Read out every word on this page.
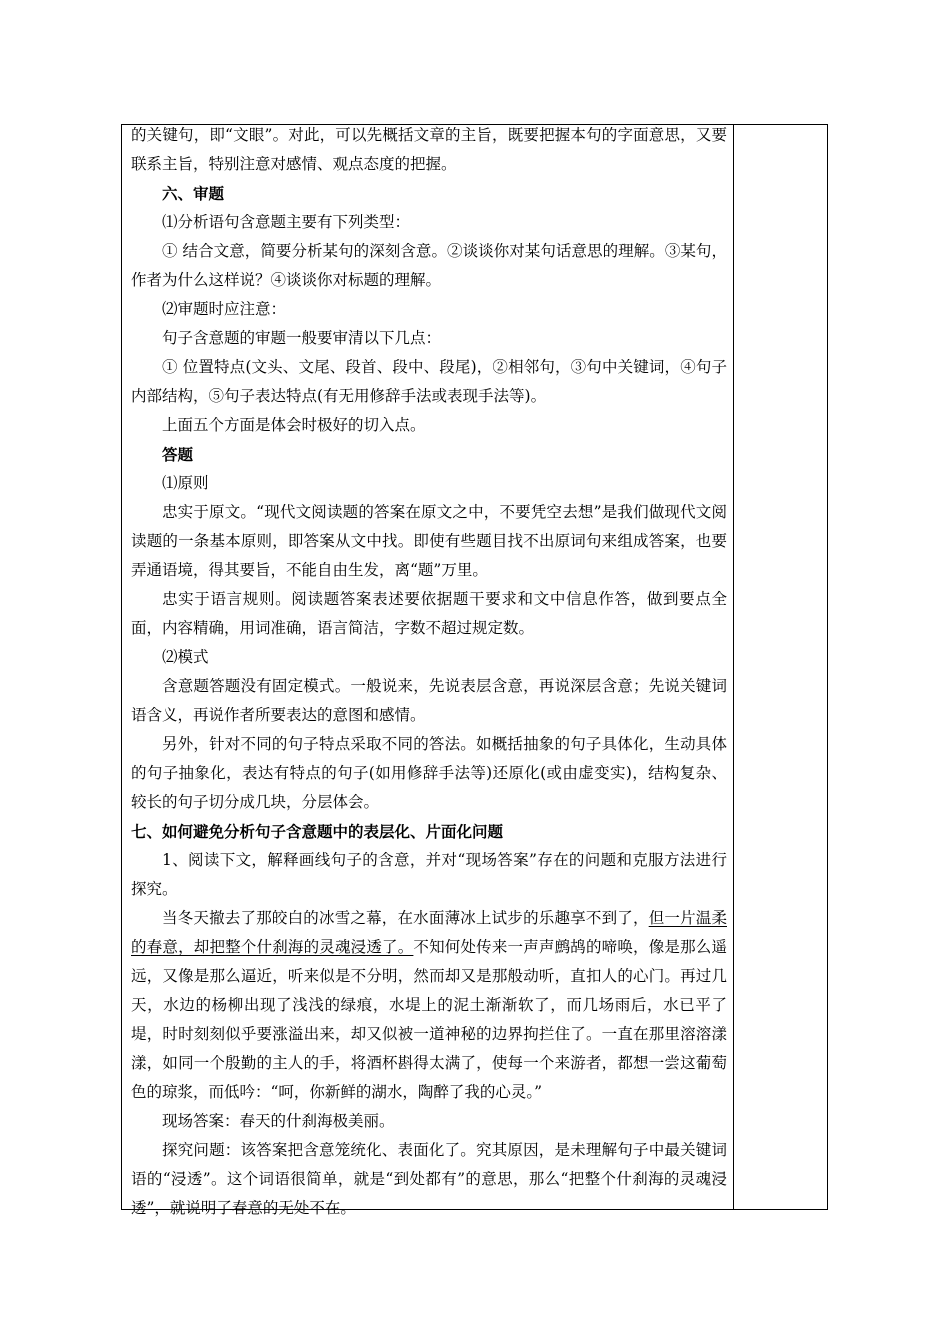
的关键句，即“文眼”。对此，可以先概括文章的主旨，既要把握本句的字面意思，又要联系主旨，特别注意对感情、观点态度的把握。

六、审题

⑴分析语句含意题主要有下列类型：

① 结合文意，简要分析某句的深刻含意。②谈谈你对某句话意思的理解。③某句，作者为什么这样说？④谈谈你对标题的理解。

⑵审题时应注意：

句子含意题的审题一般要审清以下几点：

① 位置特点(文头、文尾、段首、段中、段尾)，②相邻句，③句中关键词，④句子内部结构，⑤句子表达特点(有无用修辞手法或表现手法等)。

上面五个方面是体会时极好的切入点。

答题

⑴原则

忠实于原文。“现代文阅读题的答案在原文之中，不要凭空去想”是我们做现代文阅读题的一条基本原则，即答案从文中找。即使有些题目找不出原词句来组成答案，也要弄通语境，得其要旨，不能自由生发，离“题”万里。

忠实于语言规则。阅读题答案表述要依据题干要求和文中信息作答，做到要点全面，内容精确，用词准确，语言简洁，字数不超过规定数。

⑵模式

含意题答题没有固定模式。一般说来，先说表层含意，再说深层含意；先说关键词语含义，再说作者所要表达的意图和感情。

另外，针对不同的句子特点采取不同的答法。如概括抽象的句子具体化，生动具体的句子抽象化，表达有特点的句子(如用修辞手法等)还原化(或由虚变实)，结构复杂、较长的句子切分成几块，分层体会。

七、如何避免分析句子含意题中的表层化、片面化问题

1、阅读下文，解释画线句子的含意，并对“现场答案”存在的问题和克服方法进行探究。

当冬天撤去了那皎白的冰雪之幕，在水面薄冰上试步的乐趣享不到了，但一片温柔的春意，却把整个什刹海的灵魂浸透了。不知何处传来一声声鹧鸪的啼唤，像是那么遥远，又像是那么逼近，听来似是不分明，然而却又是那般动听，直扣人的心门。再过几天，水边的杨柳出现了浅浅的绿痕，水堤上的泥土渐渐软了，而几场雨后，水已平了堤，时时刻刻似乎要涨溢出来，却又似被一道神秘的边界拘拦住了。一直在那里溶溶漾漾，如同一个殷勤的主人的手，将酒杯斟得太满了，使每一个来游者，都想一尝这葡萄色的琼浆，而低吟：“呵，你新鲜的湖水，陶醉了我的心灵。”

现场答案：春天的什刹海极美丽。

探究问题：该答案把含意笼统化、表面化了。究其原因，是未理解句子中最关键词语的“浸透”。这个词语很简单，就是“到处都有”的意思，那么“把整个什刹海的灵魂浸透”，就说明了春意的无处不在。
